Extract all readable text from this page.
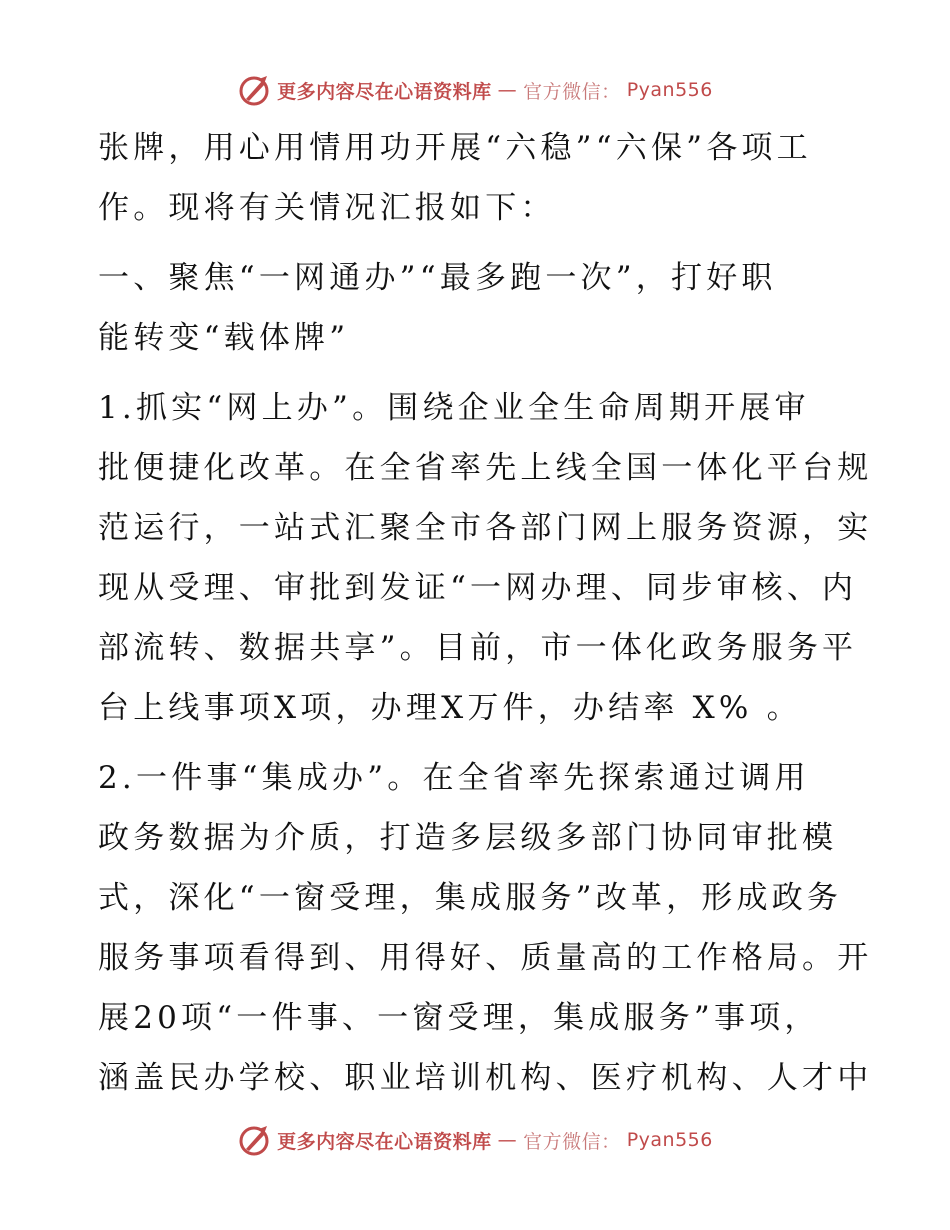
更多内容尽在心语资料库 — 官方微信： Pyan556

张牌，用心用情用功开展“六稳”“六保”各项工
作。现将有关情况汇报如下：

一、聚焦“一网通办”“最多跑一次”，打好职
能转变“载体牌”

1.抓实“网上办”。围绕企业全生命周期开展审
批便捷化改革。在全省率先上线全国一体化平台规
范运行，一站式汇聚全市各部门网上服务资源，实
现从受理、审批到发证“一网办理、同步审核、内
部流转、数据共享”。目前，市一体化政务服务平
台上线事项X项，办理X万件，办结率 X% 。

2.一件事“集成办”。在全省率先探索通过调用
政务数据为介质，打造多层级多部门协同审批模
式，深化“一窗受理，集成服务”改革，形成政务
服务事项看得到、用得好、质量高的工作格局。开
展20项“一件事、一窗受理，集成服务”事项，
涵盖民办学校、职业培训机构、医疗机构、人才中

更多内容尽在心语资料库 — 官方微信： Pyan556
